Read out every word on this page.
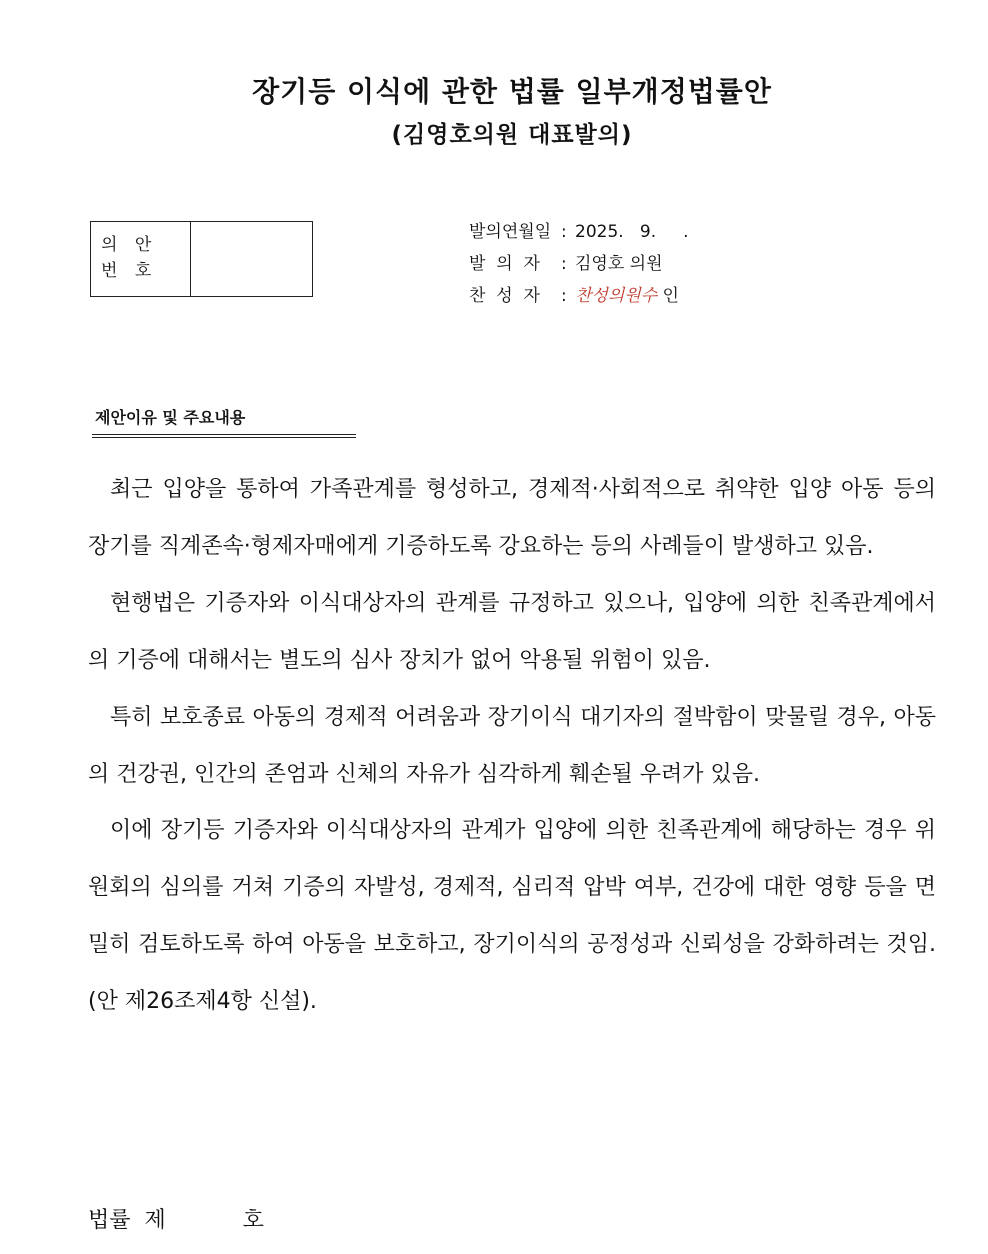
장기등 이식에 관한 법률 일부개정법률안
(김영호의원 대표발의)
의 안
번 호
발의연월일 : 2025.   9.     .
발  의  자	: 김영호 의원
찬  성  자	: 찬성의원수 인
제안이유 및 주요내용

최근 입양을 통하여 가족관계를 형성하고, 경제적·사회적으로 취약한 입양 아동 등의 장기를 직계존속·형제자매에게 기증하도록 강요하는 등의 사례들이 발생하고 있음.

현행법은 기증자와 이식대상자의 관계를 규정하고 있으나, 입양에 의한 친족관계에서의 기증에 대해서는 별도의 심사 장치가 없어 악용될 위험이 있음.

특히 보호종료 아동의 경제적 어려움과 장기이식 대기자의 절박함이 맞물릴 경우, 아동의 건강권, 인간의 존엄과 신체의 자유가 심각하게 훼손될 우려가 있음.

이에 장기등 기증자와 이식대상자의 관계가 입양에 의한 친족관계에 해당하는 경우 위원회의 심의를 거쳐 기증의 자발성, 경제적, 심리적 압박 여부, 건강에 대한 영향 등을 면밀히 검토하도록 하여 아동을 보호하고, 장기이식의 공정성과 신뢰성을 강화하려는 것임.(안 제26조제4항 신설).

법률  제           호
